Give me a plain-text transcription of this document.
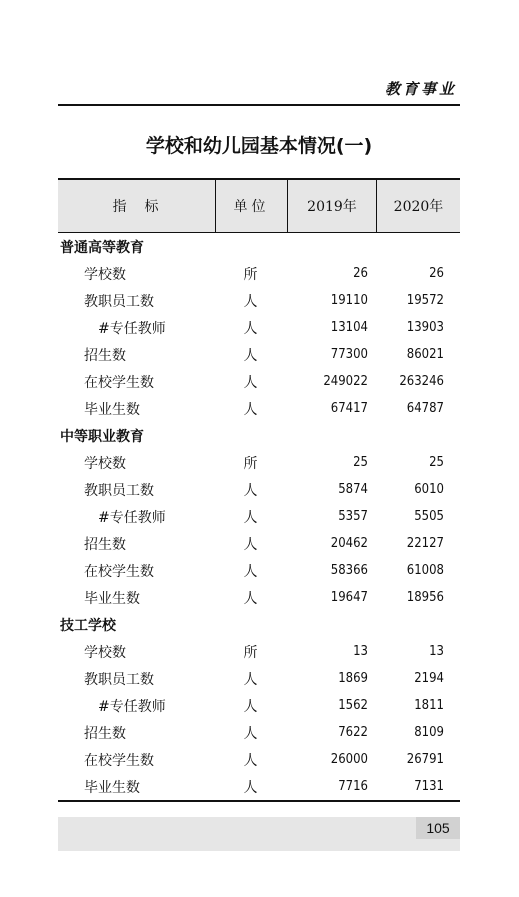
教育事业
学校和幼儿园基本情况(一)
指　标	单位	2019年	2020年
普通高等教育
学校数	所	26	26
教职员工数	人	19110	19572
#专任教师	人	13104	13903
招生数	人	77300	86021
在校学生数	人	249022	263246
毕业生数	人	67417	64787
中等职业教育
学校数	所	25	25
教职员工数	人	5874	6010
#专任教师	人	5357	5505
招生数	人	20462	22127
在校学生数	人	58366	61008
毕业生数	人	19647	18956
技工学校
学校数	所	13	13
教职员工数	人	1869	2194
#专任教师	人	1562	1811
招生数	人	7622	8109
在校学生数	人	26000	26791
毕业生数	人	7716	7131
105
